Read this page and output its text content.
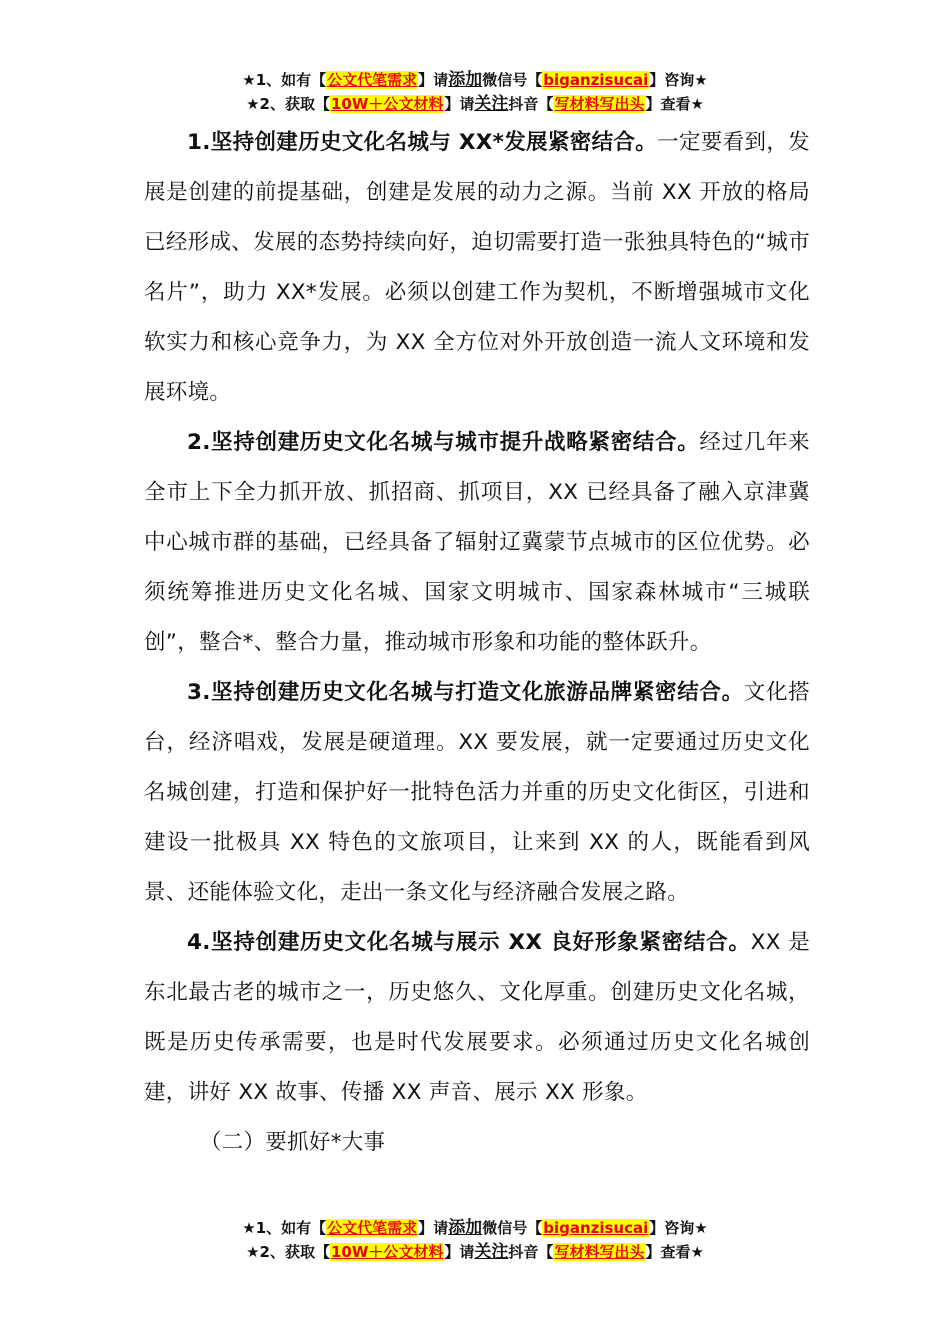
★1、如有【公文代笔需求】请添加微信号【biganzisucai】咨询★
★2、获取【10W＋公文材料】请关注抖音【写材料写出头】查看★

1.坚持创建历史文化名城与 XX*发展紧密结合。一定要看到，发展是创建的前提基础，创建是发展的动力之源。当前 XX 开放的格局已经形成、发展的态势持续向好，迫切需要打造一张独具特色的“城市名片”，助力 XX*发展。必须以创建工作为契机，不断增强城市文化软实力和核心竞争力，为 XX 全方位对外开放创造一流人文环境和发展环境。

2.坚持创建历史文化名城与城市提升战略紧密结合。经过几年来全市上下全力抓开放、抓招商、抓项目，XX 已经具备了融入京津冀中心城市群的基础，已经具备了辐射辽冀蒙节点城市的区位优势。必须统筹推进历史文化名城、国家文明城市、国家森林城市“三城联创”，整合*、整合力量，推动城市形象和功能的整体跃升。

3.坚持创建历史文化名城与打造文化旅游品牌紧密结合。文化搭台，经济唱戏，发展是硬道理。XX 要发展，就一定要通过历史文化名城创建，打造和保护好一批特色活力并重的历史文化街区，引进和建设一批极具 XX 特色的文旅项目，让来到 XX 的人，既能看到风景、还能体验文化，走出一条文化与经济融合发展之路。

4.坚持创建历史文化名城与展示 XX 良好形象紧密结合。XX 是东北最古老的城市之一，历史悠久、文化厚重。创建历史文化名城，既是历史传承需要，也是时代发展要求。必须通过历史文化名城创建，讲好 XX 故事、传播 XX 声音、展示 XX 形象。

（二）要抓好*大事

★1、如有【公文代笔需求】请添加微信号【biganzisucai】咨询★
★2、获取【10W＋公文材料】请关注抖音【写材料写出头】查看★
